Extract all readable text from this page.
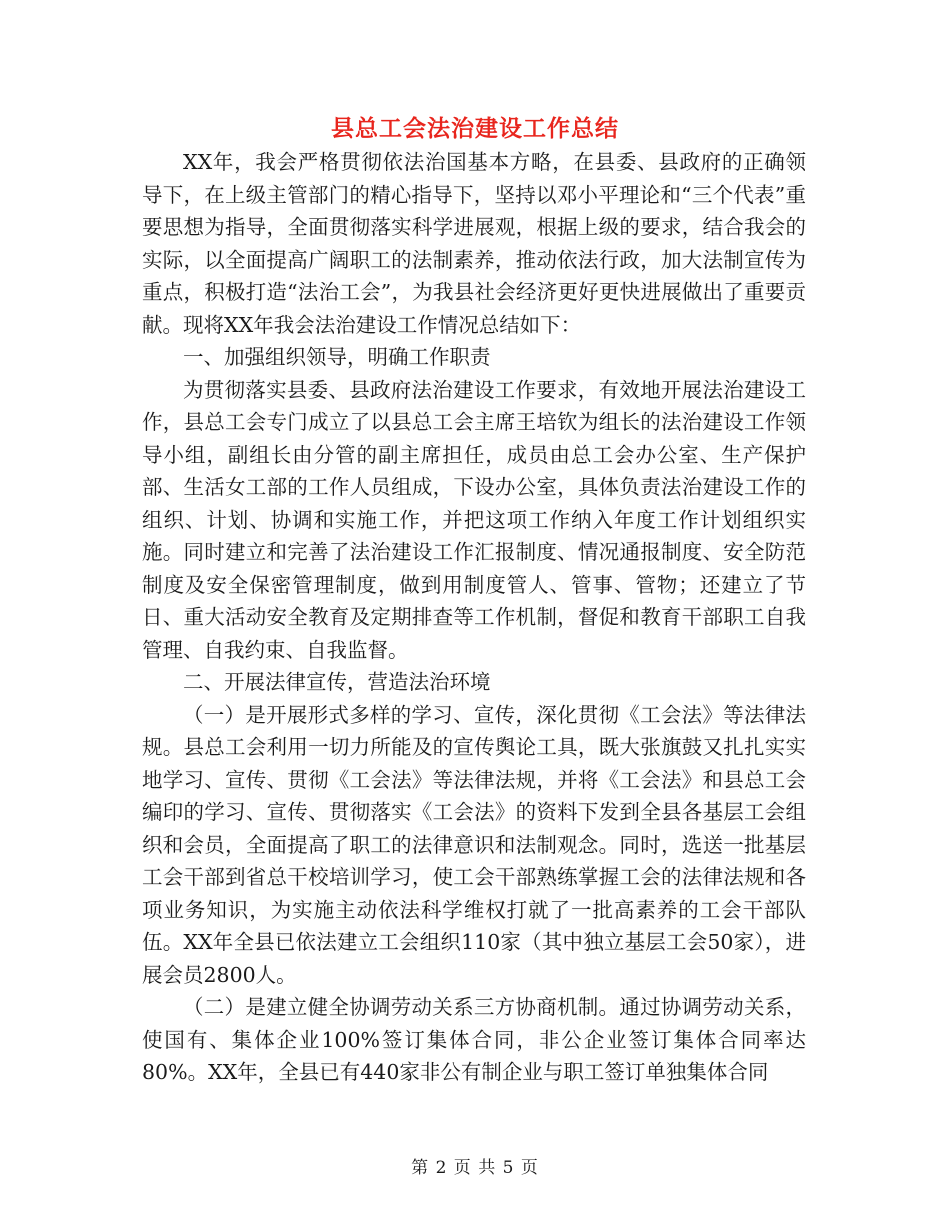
县总工会法治建设工作总结

XX年，我会严格贯彻依法治国基本方略，在县委、县政府的正确领导下，在上级主管部门的精心指导下，坚持以邓小平理论和“三个代表”重要思想为指导，全面贯彻落实科学进展观，根据上级的要求，结合我会的实际，以全面提高广阔职工的法制素养，推动依法行政，加大法制宣传为重点，积极打造“法治工会”，为我县社会经济更好更快进展做出了重要贡献。现将XX年我会法治建设工作情况总结如下：

一、加强组织领导，明确工作职责

为贯彻落实县委、县政府法治建设工作要求，有效地开展法治建设工作，县总工会专门成立了以县总工会主席王培钦为组长的法治建设工作领导小组，副组长由分管的副主席担任，成员由总工会办公室、生产保护部、生活女工部的工作人员组成，下设办公室，具体负责法治建设工作的组织、计划、协调和实施工作，并把这项工作纳入年度工作计划组织实施。同时建立和完善了法治建设工作汇报制度、情况通报制度、安全防范制度及安全保密管理制度，做到用制度管人、管事、管物；还建立了节日、重大活动安全教育及定期排查等工作机制，督促和教育干部职工自我管理、自我约束、自我监督。

二、开展法律宣传，营造法治环境

（一）是开展形式多样的学习、宣传，深化贯彻《工会法》等法律法规。县总工会利用一切力所能及的宣传舆论工具，既大张旗鼓又扎扎实实地学习、宣传、贯彻《工会法》等法律法规，并将《工会法》和县总工会编印的学习、宣传、贯彻落实《工会法》的资料下发到全县各基层工会组织和会员，全面提高了职工的法律意识和法制观念。同时，选送一批基层工会干部到省总干校培训学习，使工会干部熟练掌握工会的法律法规和各项业务知识，为实施主动依法科学维权打就了一批高素养的工会干部队伍。XX年全县已依法建立工会组织110家（其中独立基层工会50家），进展会员2800人。

（二）是建立健全协调劳动关系三方协商机制。通过协调劳动关系，使国有、集体企业100%签订集体合同，非公企业签订集体合同率达80%。XX年，全县已有440家非公有制企业与职工签订单独集体合同

第 2 页 共 5 页
